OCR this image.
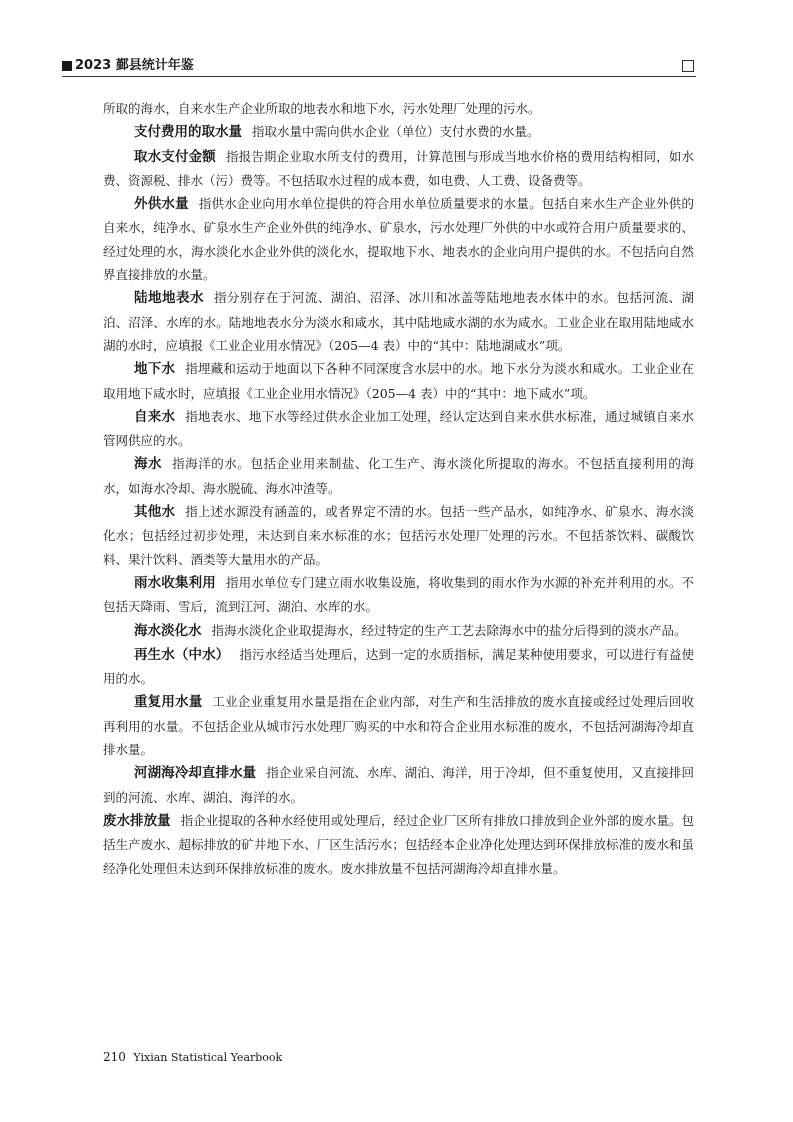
2023 鄞县统计年鉴

所取的海水，自来水生产企业所取的地表水和地下水，污水处理厂处理的污水。

支付费用的取水量 指取水量中需向供水企业（单位）支付水费的水量。

取水支付金额 指报告期企业取水所支付的费用，计算范围与形成当地水价格的费用结构相同，如水费、资源税、排水（污）费等。不包括取水过程的成本费，如电费、人工费、设备费等。

外供水量 指供水企业向用水单位提供的符合用水单位质量要求的水量。包括自来水生产企业外供的自来水，纯净水、矿泉水生产企业外供的纯净水、矿泉水，污水处理厂外供的中水或符合用户质量要求的、经过处理的水，海水淡化水企业外供的淡化水，提取地下水、地表水的企业向用户提供的水。不包括向自然界直接排放的水量。

陆地地表水 指分别存在于河流、湖泊、沼泽、冰川和冰盖等陆地地表水体中的水。包括河流、湖泊、沼泽、水库的水。陆地地表水分为淡水和咸水，其中陆地咸水湖的水为咸水。工业企业在取用陆地咸水湖的水时，应填报《工业企业用水情况》（205—4 表）中的“其中：陆地湖咸水”项。

地下水 指埋藏和运动于地面以下各种不同深度含水层中的水。地下水分为淡水和咸水。工业企业在取用地下咸水时，应填报《工业企业用水情况》（205—4 表）中的“其中：地下咸水”项。

自来水 指地表水、地下水等经过供水企业加工处理，经认定达到自来水供水标准，通过城镇自来水管网供应的水。

海水 指海洋的水。包括企业用来制盐、化工生产、海水淡化所提取的海水。不包括直接利用的海水，如海水冷却、海水脱硫、海水冲渣等。

其他水 指上述水源没有涵盖的，或者界定不清的水。包括一些产品水，如纯净水、矿泉水、海水淡化水；包括经过初步处理，未达到自来水标准的水；包括污水处理厂处理的污水。不包括茶饮料、碳酸饮料、果汁饮料、酒类等大量用水的产品。

雨水收集利用 指用水单位专门建立雨水收集设施，将收集到的雨水作为水源的补充并利用的水。不包括天降雨、雪后，流到江河、湖泊、水库的水。

海水淡化水 指海水淡化企业取提海水，经过特定的生产工艺去除海水中的盐分后得到的淡水产品。

再生水（中水） 指污水经适当处理后，达到一定的水质指标，满足某种使用要求，可以进行有益使用的水。

重复用水量 工业企业重复用水量是指在企业内部，对生产和生活排放的废水直接或经过处理后回收再利用的水量。不包括企业从城市污水处理厂购买的中水和符合企业用水标准的废水，不包括河湖海冷却直排水量。

河湖海冷却直排水量 指企业采自河流、水库、湖泊、海洋，用于冷却，但不重复使用，又直接排回到的河流、水库、湖泊、海洋的水。

废水排放量 指企业提取的各种水经使用或处理后，经过企业厂区所有排放口排放到企业外部的废水量。包括生产废水、超标排放的矿井地下水、厂区生活污水；包括经本企业净化处理达到环保排放标准的废水和虽经净化处理但未达到环保排放标准的废水。废水排放量不包括河湖海冷却直排水量。

210 Yixian Statistical Yearbook
